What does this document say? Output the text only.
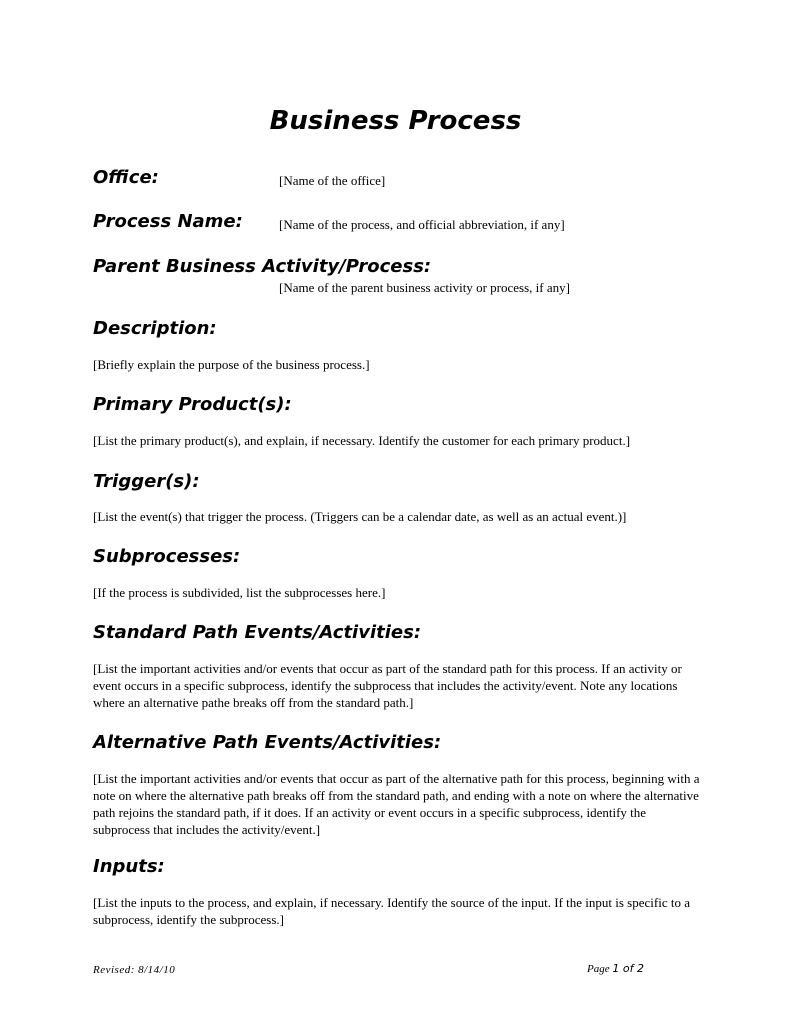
Business Process
Office:	[Name of the office]

Process Name:	[Name of the process, and official abbreviation, if any]

Parent Business Activity/Process:

[Name of the parent business activity or process, if any]

Description:

[Briefly explain the purpose of the business process.]

Primary Product(s):

[List the primary product(s), and explain, if necessary. Identify the customer for each primary product.]

Trigger(s):

[List the event(s) that trigger the process. (Triggers can be a calendar date, as well as an actual event.)]

Subprocesses:

[If the process is subdivided, list the subprocesses here.]

Standard Path Events/Activities:

[List the important activities and/or events that occur as part of the standard path for this process. If an activity or event occurs in a specific subprocess, identify the subprocess that includes the activity/event. Note any locations where an alternative pathe breaks off from the standard path.]

Alternative Path Events/Activities:

[List the important activities and/or events that occur as part of the alternative path for this process, beginning with a note on where the alternative path breaks off from the standard path, and ending with a note on where the alternative path rejoins the standard path, if it does. If an activity or event occurs in a specific subprocess, identify the subprocess that includes the activity/event.]

Inputs:

[List the inputs to the process, and explain, if necessary. Identify the source of the input. If the input is specific to a subprocess, identify the subprocess.]

Revised: 8/14/10	Page 1 of 2
